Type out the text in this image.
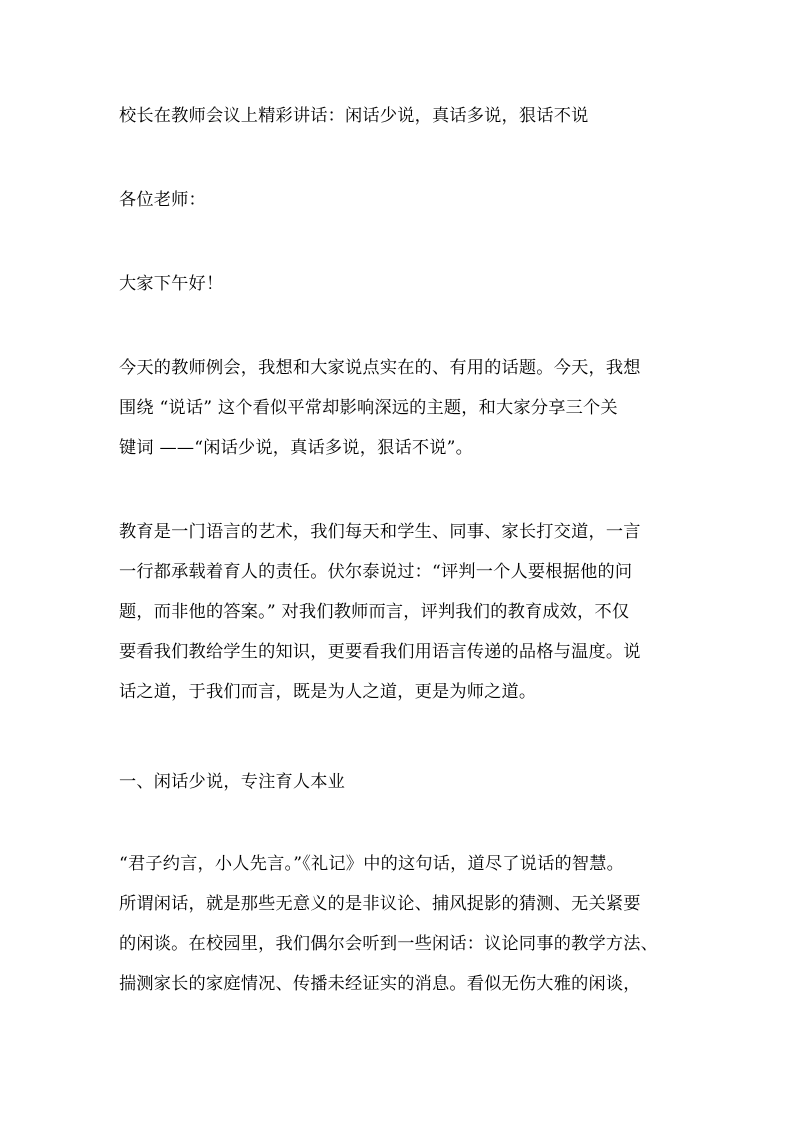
校长在教师会议上精彩讲话：闲话少说，真话多说，狠话不说

各位老师：

大家下午好！

今天的教师例会，我想和大家说点实在的、有用的话题。今天，我想
围绕 “说话” 这个看似平常却影响深远的主题，和大家分享三个关
键词 ——“闲话少说，真话多说，狠话不说”。

教育是一门语言的艺术，我们每天和学生、同事、家长打交道，一言
一行都承载着育人的责任。伏尔泰说过：“评判一个人要根据他的问
题，而非他的答案。” 对我们教师而言，评判我们的教育成效，不仅
要看我们教给学生的知识，更要看我们用语言传递的品格与温度。说
话之道，于我们而言，既是为人之道，更是为师之道。

一、闲话少说，专注育人本业

“君子约言，小人先言。”《礼记》中的这句话，道尽了说话的智慧。
所谓闲话，就是那些无意义的是非议论、捕风捉影的猜测、无关紧要
的闲谈。在校园里，我们偶尔会听到一些闲话：议论同事的教学方法、
揣测家长的家庭情况、传播未经证实的消息。看似无伤大雅的闲谈，
